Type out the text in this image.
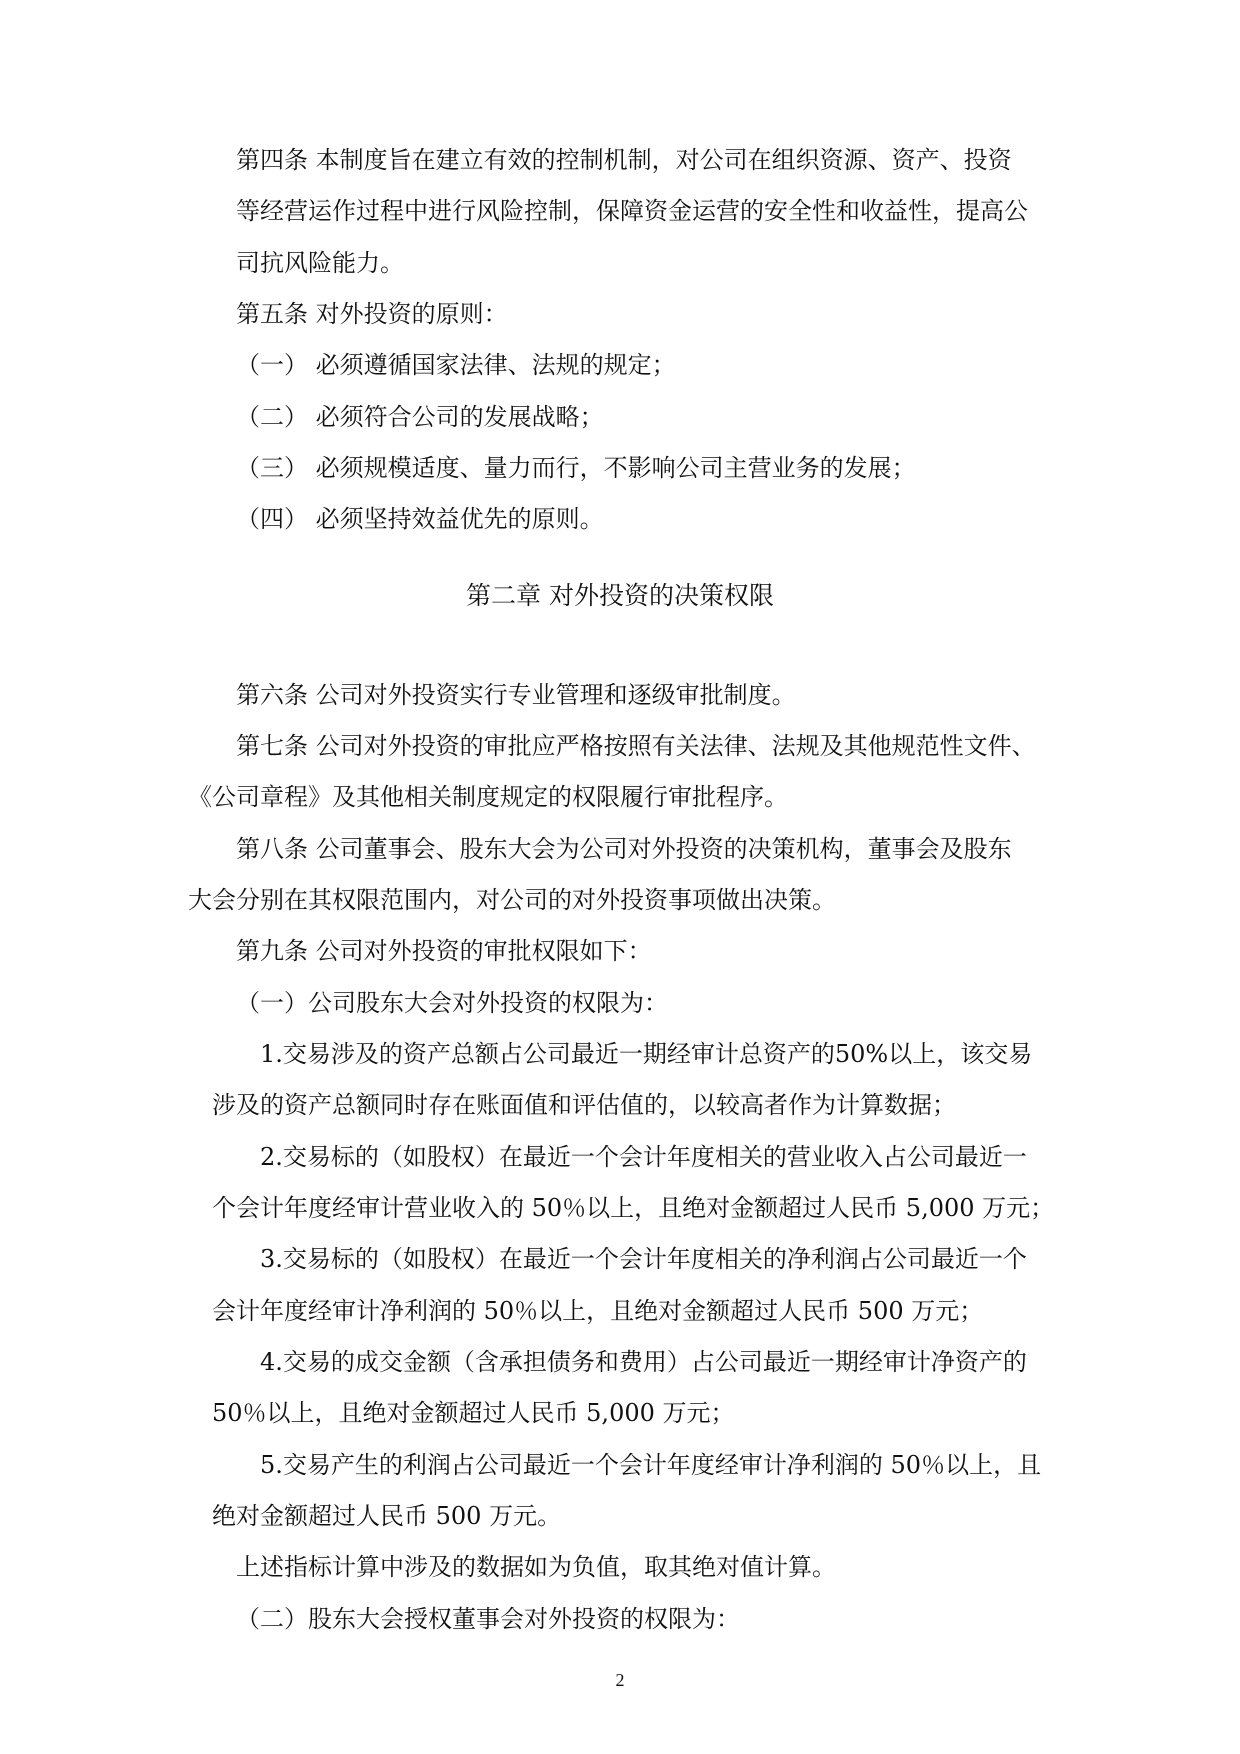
第四条 本制度旨在建立有效的控制机制，对公司在组织资源、资产、投资
等经营运作过程中进行风险控制，保障资金运营的安全性和收益性，提高公
司抗风险能力。
第五条 对外投资的原则：
（一） 必须遵循国家法律、法规的规定；
（二） 必须符合公司的发展战略；
（三） 必须规模适度、量力而行，不影响公司主营业务的发展；
（四） 必须坚持效益优先的原则。
第二章 对外投资的决策权限
第六条 公司对外投资实行专业管理和逐级审批制度。
第七条 公司对外投资的审批应严格按照有关法律、法规及其他规范性文件、
《公司章程》及其他相关制度规定的权限履行审批程序。
第八条 公司董事会、股东大会为公司对外投资的决策机构，董事会及股东
大会分别在其权限范围内，对公司的对外投资事项做出决策。
第九条 公司对外投资的审批权限如下：
（一）公司股东大会对外投资的权限为：
1.交易涉及的资产总额占公司最近一期经审计总资产的50%以上，该交易
涉及的资产总额同时存在账面值和评估值的，以较高者作为计算数据；
2.交易标的（如股权）在最近一个会计年度相关的营业收入占公司最近一
个会计年度经审计营业收入的 50％以上，且绝对金额超过人民币 5,000 万元；
3.交易标的（如股权）在最近一个会计年度相关的净利润占公司最近一个
会计年度经审计净利润的 50％以上，且绝对金额超过人民币 500 万元；
4.交易的成交金额（含承担债务和费用）占公司最近一期经审计净资产的
50％以上，且绝对金额超过人民币 5,000 万元；
5.交易产生的利润占公司最近一个会计年度经审计净利润的 50％以上，且
绝对金额超过人民币 500 万元。
上述指标计算中涉及的数据如为负值，取其绝对值计算。
（二）股东大会授权董事会对外投资的权限为：
2
